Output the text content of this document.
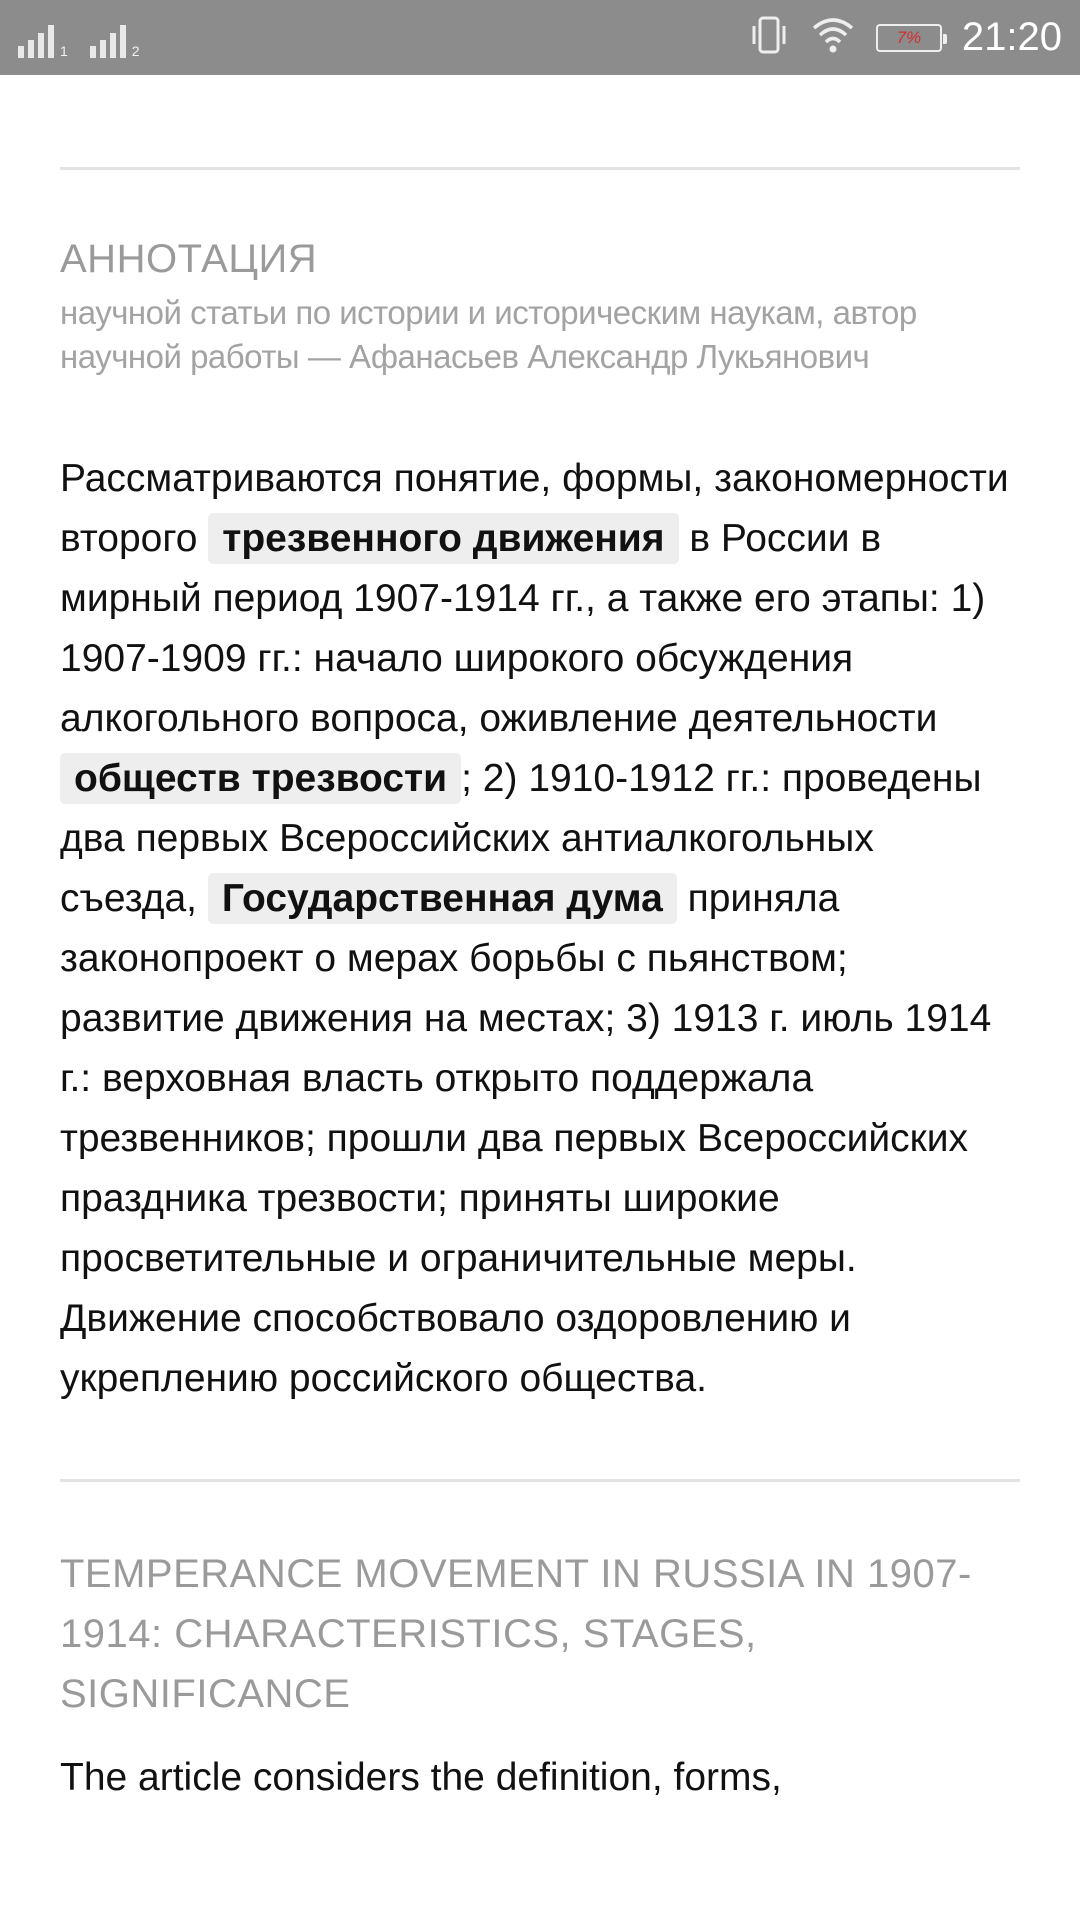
1	2
7% 21:20
АННОТАЦИЯ
научной статьи по истории и историческим наукам, автор научной работы — Афанасьев Александр Лукьянович
Рассматриваются понятие, формы, закономерности второго трезвенного движения в России в мирный период 1907-1914 гг., а также его этапы: 1) 1907-1909 гг.: начало широкого обсуждения алкогольного вопроса, оживление деятельности обществ трезвости ; 2) 1910-1912 гг.: проведены два первых Всероссийских антиалкогольных съезда, Государственная дума приняла законопроект о мерах борьбы с пьянством; развитие движения на местах; 3) 1913 г. июль 1914 г.: верховная власть открыто поддержала трезвенников; прошли два первых Всероссийских праздника трезвости; приняты широкие просветительные и ограничительные меры. Движение способствовало оздоровлению и укреплению российского общества.
TEMPERANCE MOVEMENT IN RUSSIA IN 1907-1914: CHARACTERISTICS, STAGES, SIGNIFICANCE
The article considers the definition, forms,
